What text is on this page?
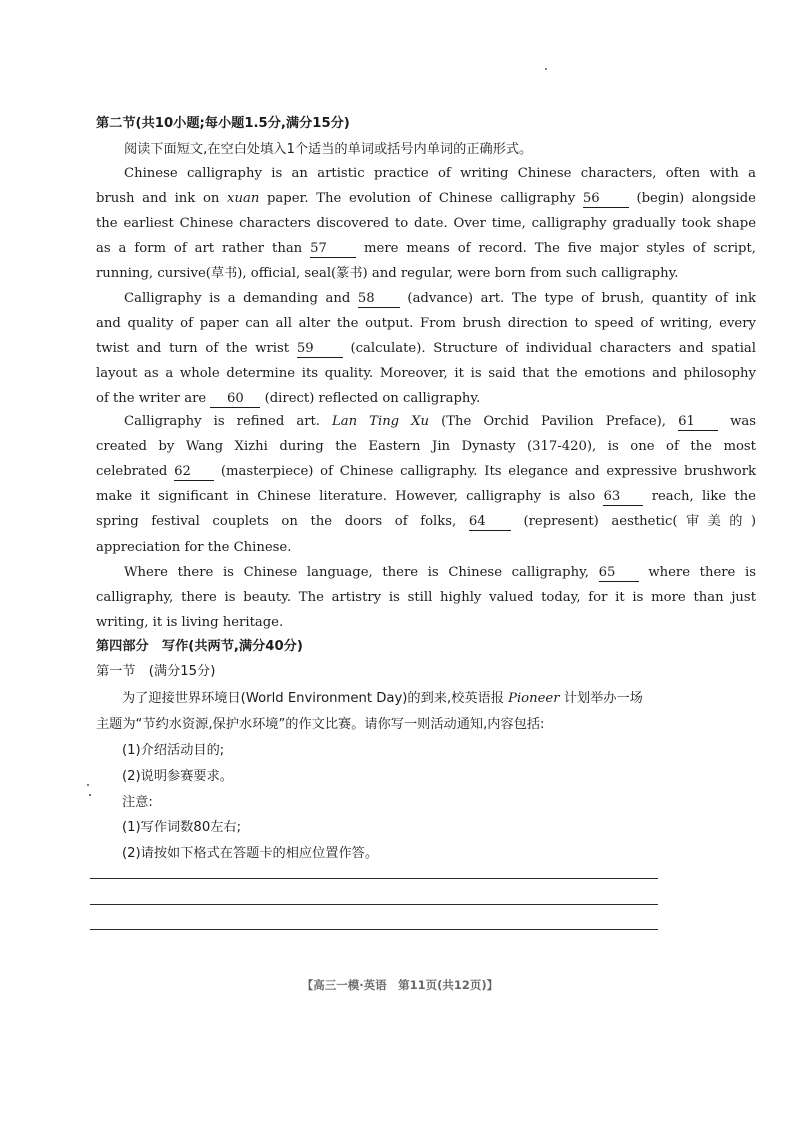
第二节(共10小题;每小题1.5分,满分15分)
阅读下面短文,在空白处填入1个适当的单词或括号内单词的正确形式。
Chinese calligraphy is an artistic practice of writing Chinese characters, often with a
brush and ink on xuan paper. The evolution of Chinese calligraphy 56	(begin) alongside
the earliest Chinese characters discovered to date. Over time, calligraphy gradually took shape
as a form of art rather than 57	mere means of record. The five major styles of script,
running, cursive(草书), official, seal(篆书) and regular, were born from such calligraphy.
Calligraphy is a demanding and 58 (advance) art. The type of brush, quantity of ink
and quality of paper can all alter the output. From brush direction to speed of writing, every
twist and turn of the wrist 59	(calculate). Structure of individual characters and spatial
layout as a whole determine its quality. Moreover, it is said that the emotions and philosophy
of the writer are 60 (direct) reflected on calligraphy.
Calligraphy is refined art. Lan Ting Xu (The Orchid Pavilion Preface), 61	was
created by Wang Xizhi during the Eastern Jin Dynasty (317-420), is one of the most
celebrated 62 (masterpiece) of Chinese calligraphy. Its elegance and expressive brushwork
make it significant in Chinese literature. However, calligraphy is also 63 reach, like the
spring festival couplets on the doors of folks, 64	(represent) aesthetic(审美的)
appreciation for the Chinese.
Where there is Chinese language, there is Chinese calligraphy, 65 where there is
calligraphy, there is beauty. The artistry is still highly valued today, for it is more than just
writing, it is living heritage.
第四部分　写作(共两节,满分40分)
第一节　(满分15分)
为了迎接世界环境日(World Environment Day)的到来,校英语报 Pioneer 计划举办一场
主题为“节约水资源,保护水环境”的作文比赛。请你写一则活动通知,内容包括:
(1)介绍活动目的;
(2)说明参赛要求。
注意:
(1)写作词数80左右;
(2)请按如下格式在答题卡的相应位置作答。
【高三一模·英语　第11页(共12页)】
